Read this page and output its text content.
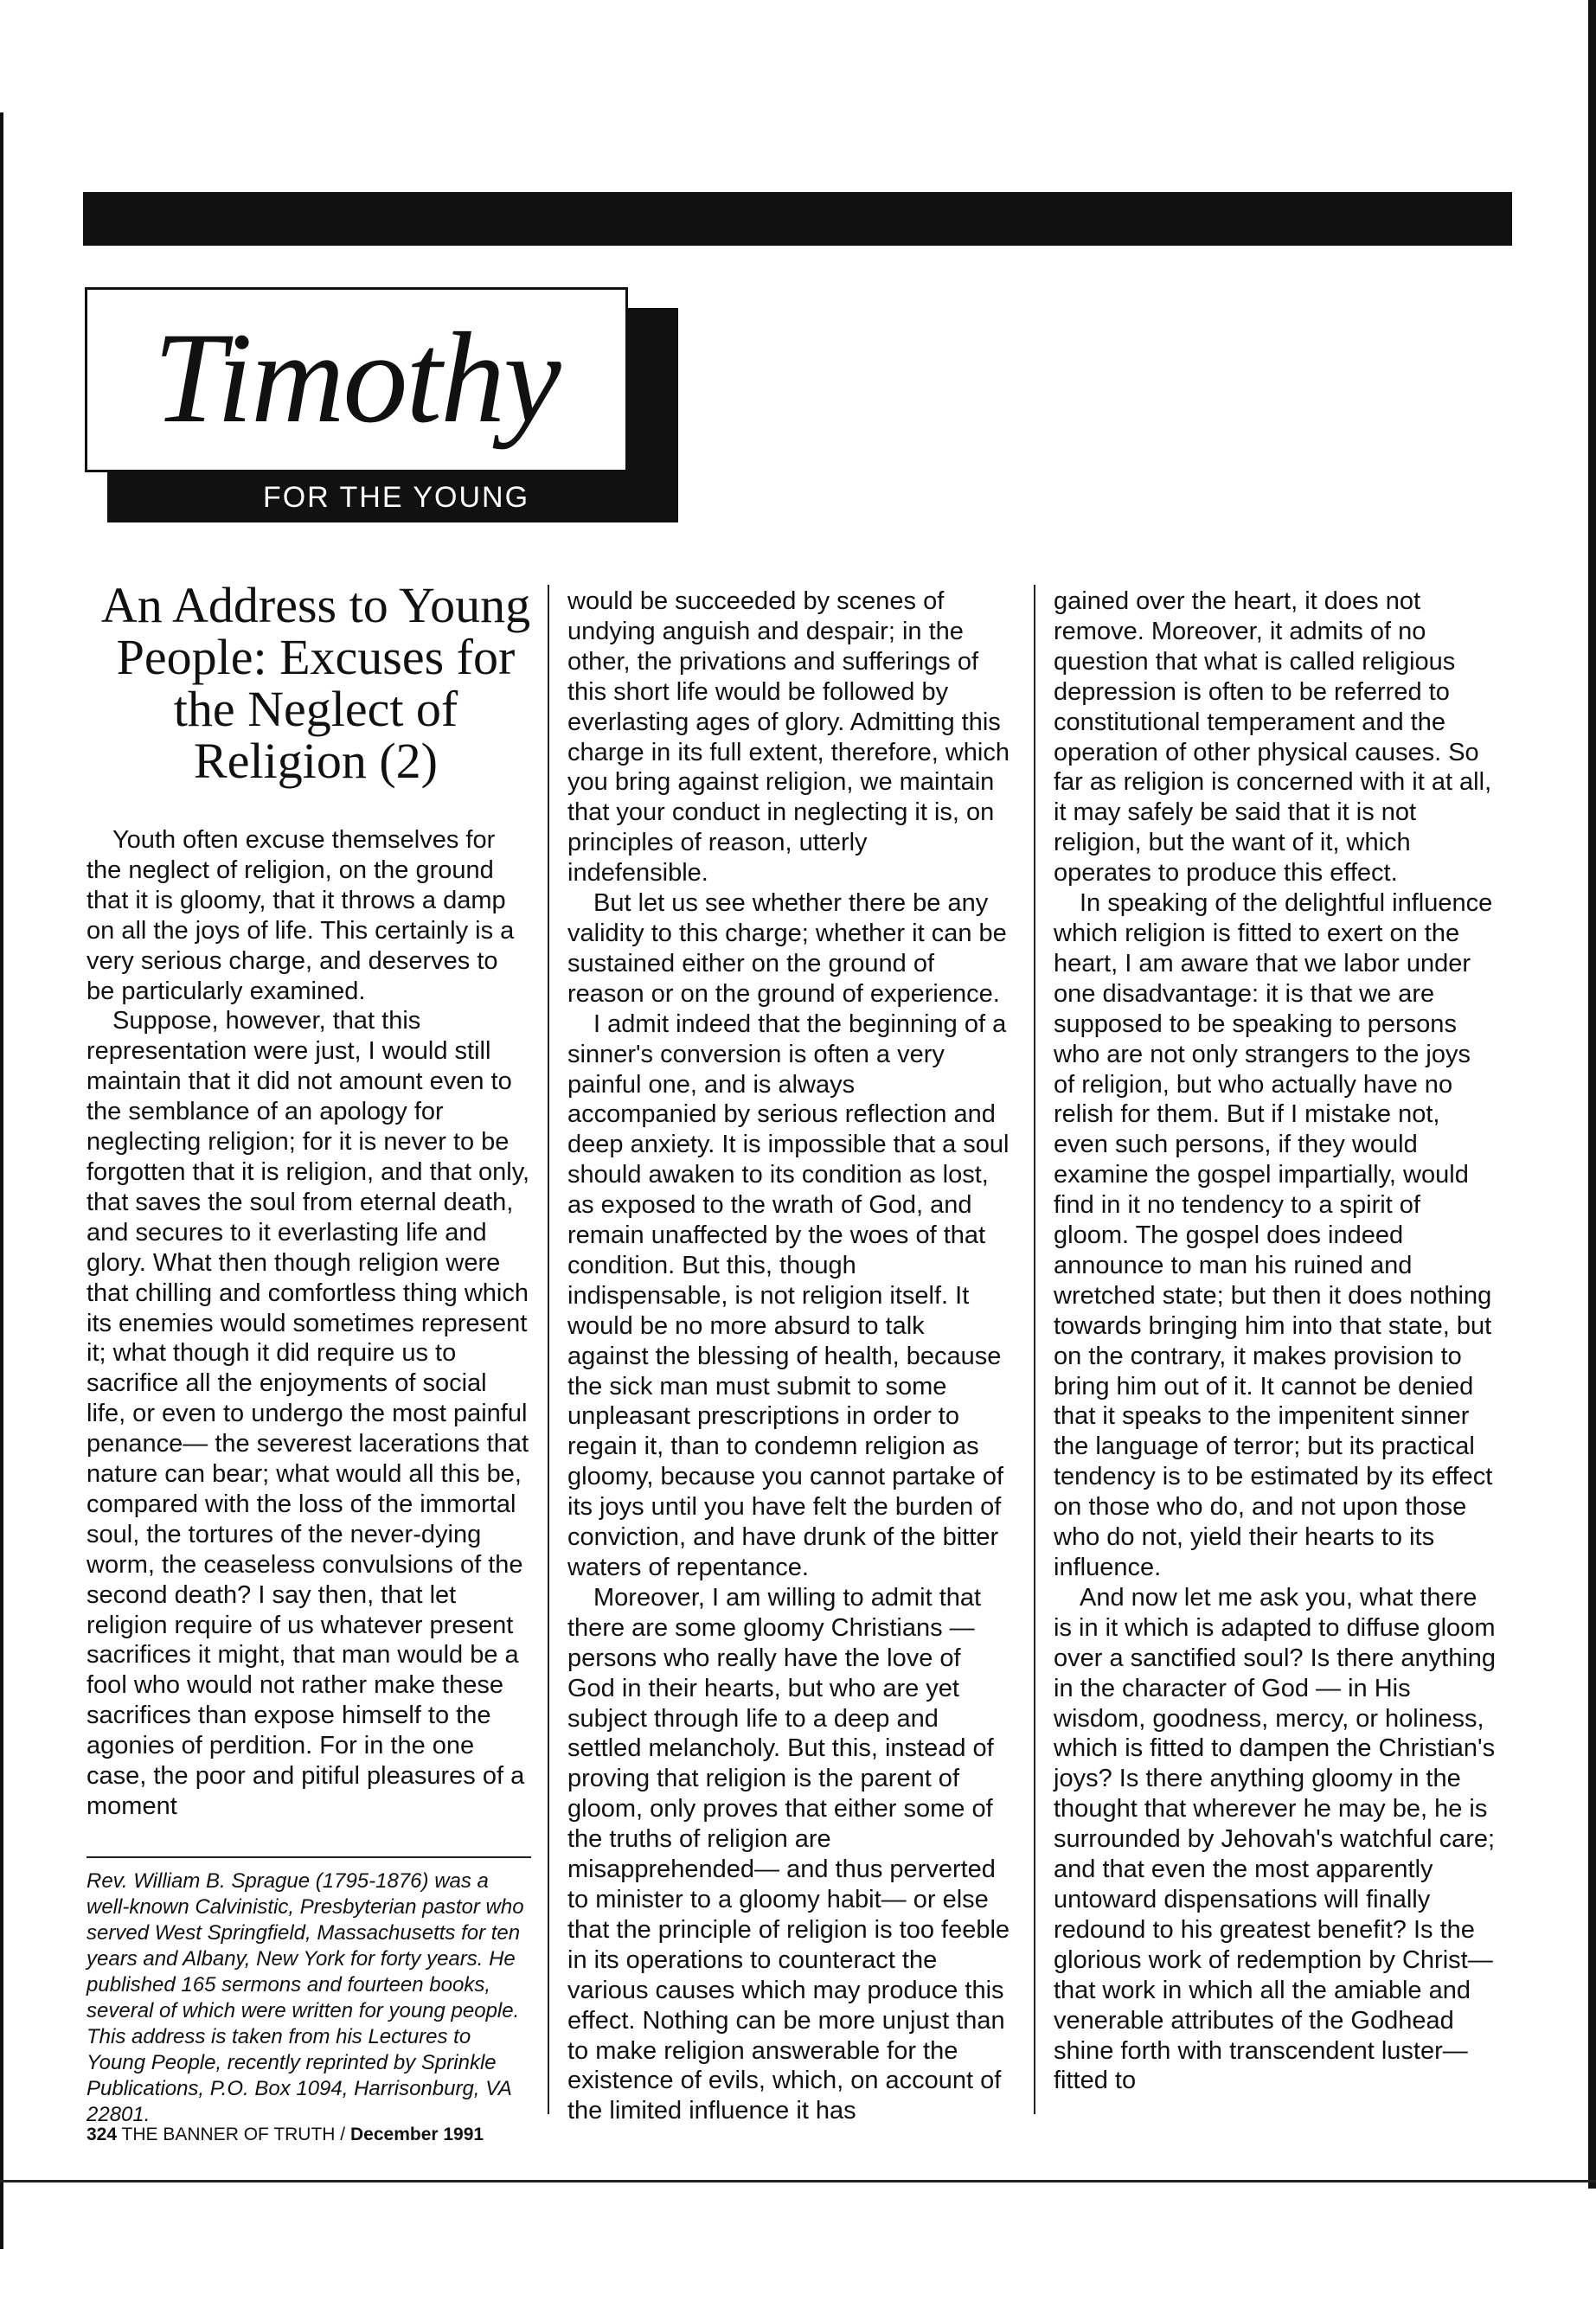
Timothy
FOR THE YOUNG
An Address to Young People: Excuses for the Neglect of Religion (2)

Youth often excuse themselves for the neglect of religion, on the ground that it is gloomy, that it throws a damp on all the joys of life. This certainly is a very serious charge, and deserves to be particularly examined.

Suppose, however, that this representation were just, I would still maintain that it did not amount even to the semblance of an apology for neglecting religion; for it is never to be forgotten that it is religion, and that only, that saves the soul from eternal death, and secures to it everlasting life and glory. What then though religion were that chilling and comfortless thing which its enemies would sometimes represent it; what though it did require us to sacrifice all the enjoyments of social life, or even to undergo the most painful penance— the severest lacerations that nature can bear; what would all this be, compared with the loss of the immortal soul, the tortures of the never-dying worm, the ceaseless convulsions of the second death? I say then, that let religion require of us whatever present sacrifices it might, that man would be a fool who would not rather make these sacrifices than expose himself to the agonies of perdition. For in the one case, the poor and pitiful pleasures of a moment

would be succeeded by scenes of undying anguish and despair; in the other, the privations and sufferings of this short life would be followed by everlasting ages of glory. Admitting this charge in its full extent, therefore, which you bring against religion, we maintain that your conduct in neglecting it is, on principles of reason, utterly indefensible.

But let us see whether there be any validity to this charge; whether it can be sustained either on the ground of reason or on the ground of experience.

I admit indeed that the beginning of a sinner's conversion is often a very painful one, and is always accompanied by serious reflection and deep anxiety. It is impossible that a soul should awaken to its condition as lost, as exposed to the wrath of God, and remain unaffected by the woes of that condition. But this, though indispensable, is not religion itself. It would be no more absurd to talk against the blessing of health, because the sick man must submit to some unpleasant prescriptions in order to regain it, than to condemn religion as gloomy, because you cannot partake of its joys until you have felt the burden of conviction, and have drunk of the bitter waters of repentance.

Moreover, I am willing to admit that there are some gloomy Christians — persons who really have the love of God in their hearts, but who are yet subject through life to a deep and settled melancholy. But this, instead of proving that religion is the parent of gloom, only proves that either some of the truths of religion are misapprehended— and thus perverted to minister to a gloomy habit— or else that the principle of religion is too feeble in its operations to counteract the various causes which may produce this effect. Nothing can be more unjust than to make religion answerable for the existence of evils, which, on account of the limited influence it has

gained over the heart, it does not remove. Moreover, it admits of no question that what is called religious depression is often to be referred to constitutional temperament and the operation of other physical causes. So far as religion is concerned with it at all, it may safely be said that it is not religion, but the want of it, which operates to produce this effect.

In speaking of the delightful influence which religion is fitted to exert on the heart, I am aware that we labor under one disadvantage: it is that we are supposed to be speaking to persons who are not only strangers to the joys of religion, but who actually have no relish for them. But if I mistake not, even such persons, if they would examine the gospel impartially, would find in it no tendency to a spirit of gloom. The gospel does indeed announce to man his ruined and wretched state; but then it does nothing towards bringing him into that state, but on the contrary, it makes provision to bring him out of it. It cannot be denied that it speaks to the impenitent sinner the language of terror; but its practical tendency is to be estimated by its effect on those who do, and not upon those who do not, yield their hearts to its influence.

And now let me ask you, what there is in it which is adapted to diffuse gloom over a sanctified soul? Is there anything in the character of God — in His wisdom, goodness, mercy, or holiness, which is fitted to dampen the Christian's joys? Is there anything gloomy in the thought that wherever he may be, he is surrounded by Jehovah's watchful care; and that even the most apparently untoward dispensations will finally redound to his greatest benefit? Is the glorious work of redemption by Christ— that work in which all the amiable and venerable attributes of the Godhead shine forth with transcendent luster— fitted to

Rev. William B. Sprague (1795-1876) was a well-known Calvinistic, Presbyterian pastor who served West Springfield, Massachusetts for ten years and Albany, New York for forty years. He published 165 sermons and fourteen books, several of which were written for young people. This address is taken from his Lectures to Young People, recently reprinted by Sprinkle Publications, P.O. Box 1094, Harrisonburg, VA 22801.

324 THE BANNER OF TRUTH / December 1991
